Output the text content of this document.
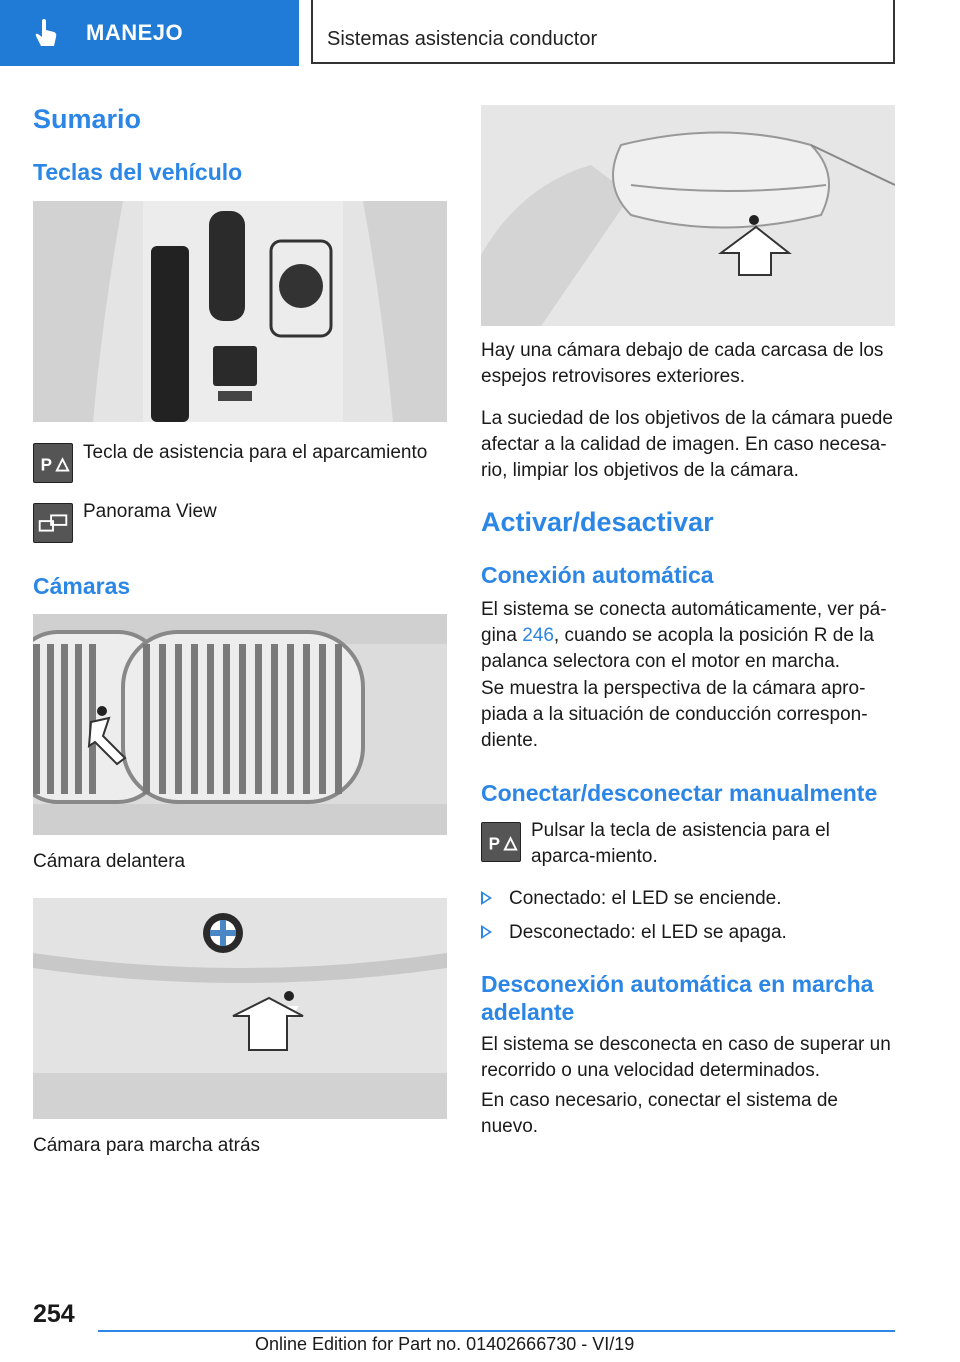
MANEJO	Sistemas asistencia conductor
Sumario
Teclas del vehículo
P
Tecla de asistencia para el aparcamiento
Panorama View
Cámaras
Cámara delantera
Cámara para marcha atrás
Hay una cámara debajo de cada carcasa de los espejos retrovisores exteriores.
La suciedad de los objetivos de la cámara puede afectar a la calidad de imagen. En caso necesa-rio, limpiar los objetivos de la cámara.
Activar/desactivar
Conexión automática
El sistema se conecta automáticamente, ver pá-gina 246, cuando se acopla la posición R de la palanca selectora con el motor en marcha.
Se muestra la perspectiva de la cámara apro-piada a la situación de conducción correspon-diente.
Conectar/desconectar manualmente
P
Pulsar la tecla de asistencia para el aparca-miento.
Conectado: el LED se enciende.
Desconectado: el LED se apaga.
Desconexión automática en marcha adelante
El sistema se desconecta en caso de superar un recorrido o una velocidad determinados.
En caso necesario, conectar el sistema de nuevo.
254
Online Edition for Part no. 01402666730 - VI/19
